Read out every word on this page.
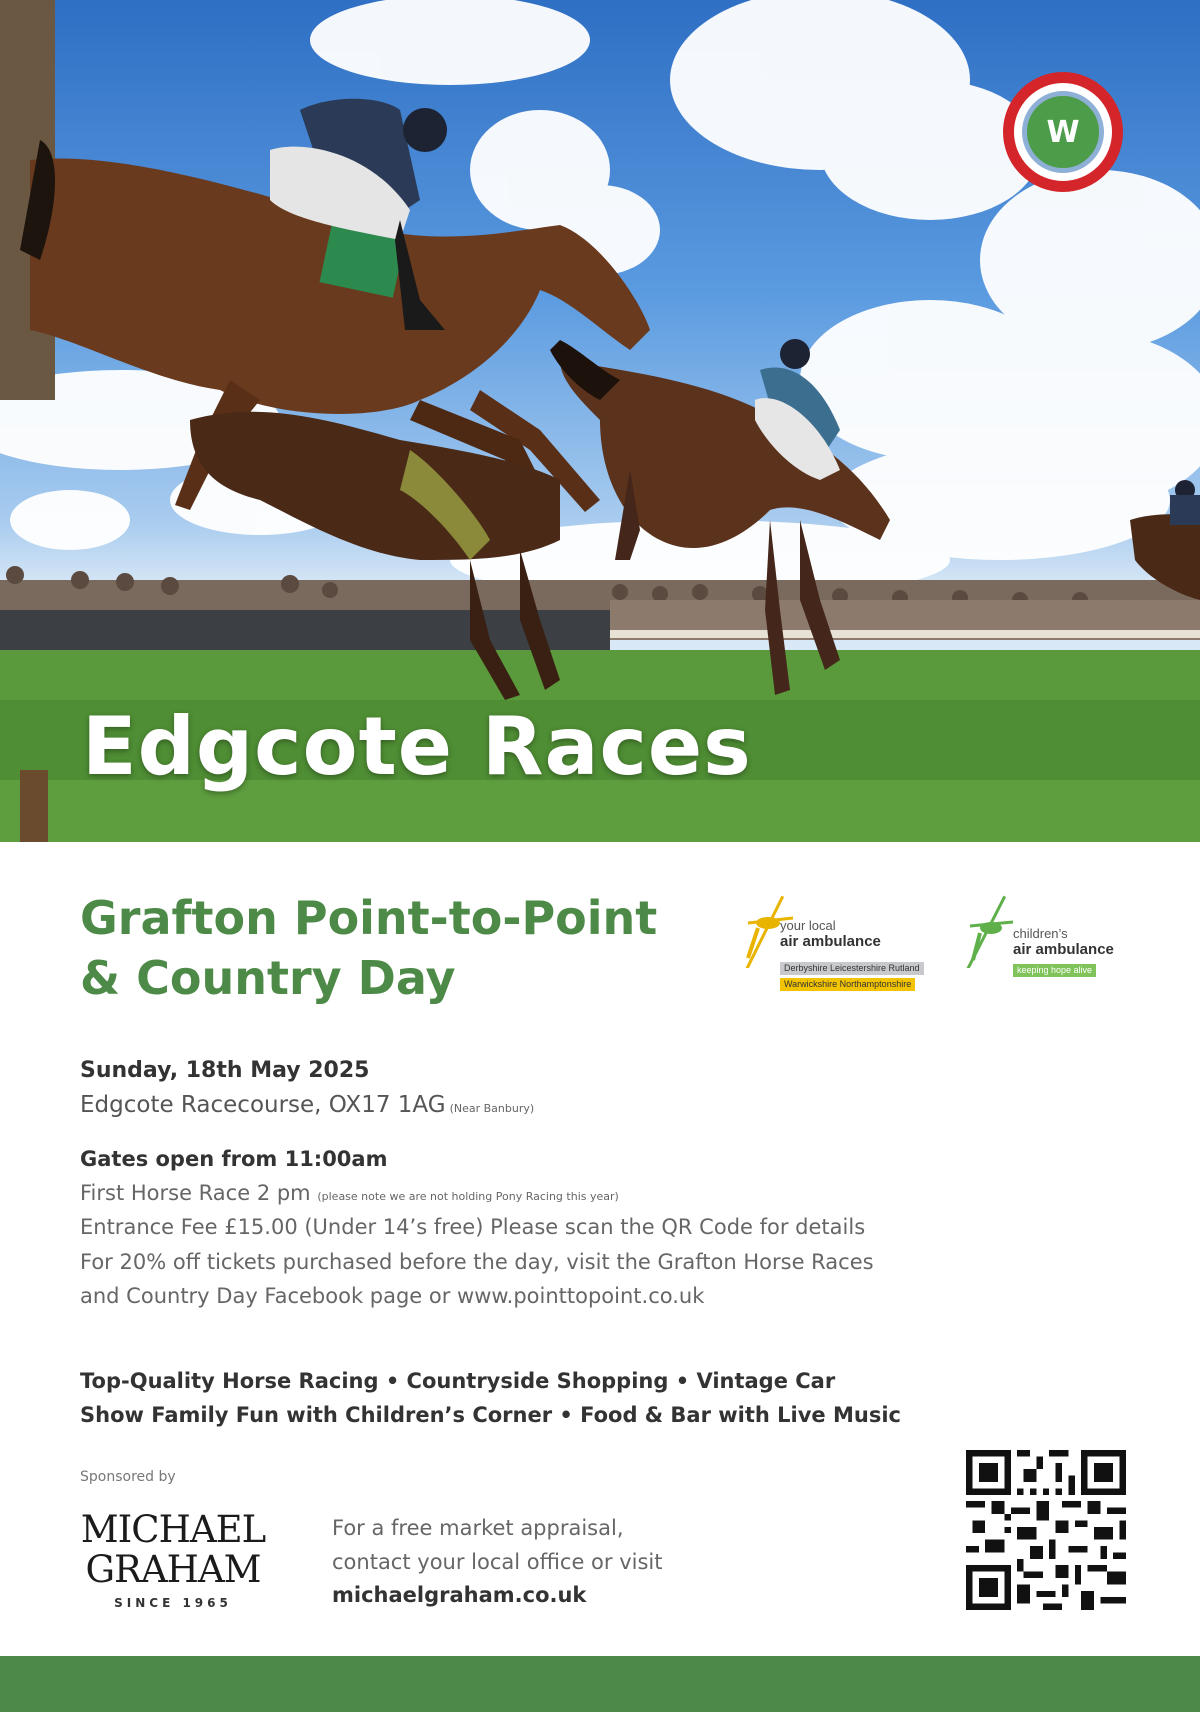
W
Edgcote Races
Grafton Point-to-Point
& Country Day
your local
air ambulance
Derbyshire Leicestershire Rutland
Warwickshire Northamptonshire
children’s
air ambulance
keeping hope alive
Sunday, 18th May 2025
Edgcote Racecourse, OX17 1AG (Near Banbury)
Gates open from 11:00am
First Horse Race 2 pm (please note we are not holding Pony Racing this year)
Entrance Fee £15.00 (Under 14’s free) Please scan the QR Code for details
For 20% off tickets purchased before the day, visit the Grafton Horse Races
and Country Day Facebook page or www.pointtopoint.co.uk
Top-Quality Horse Racing • Countryside Shopping • Vintage Car
Show Family Fun with Children’s Corner • Food & Bar with Live Music
Sponsored by
MICHAEL
GRAHAM
SINCE 1965
For a free market appraisal,
contact your local office or visit
michaelgraham.co.uk
